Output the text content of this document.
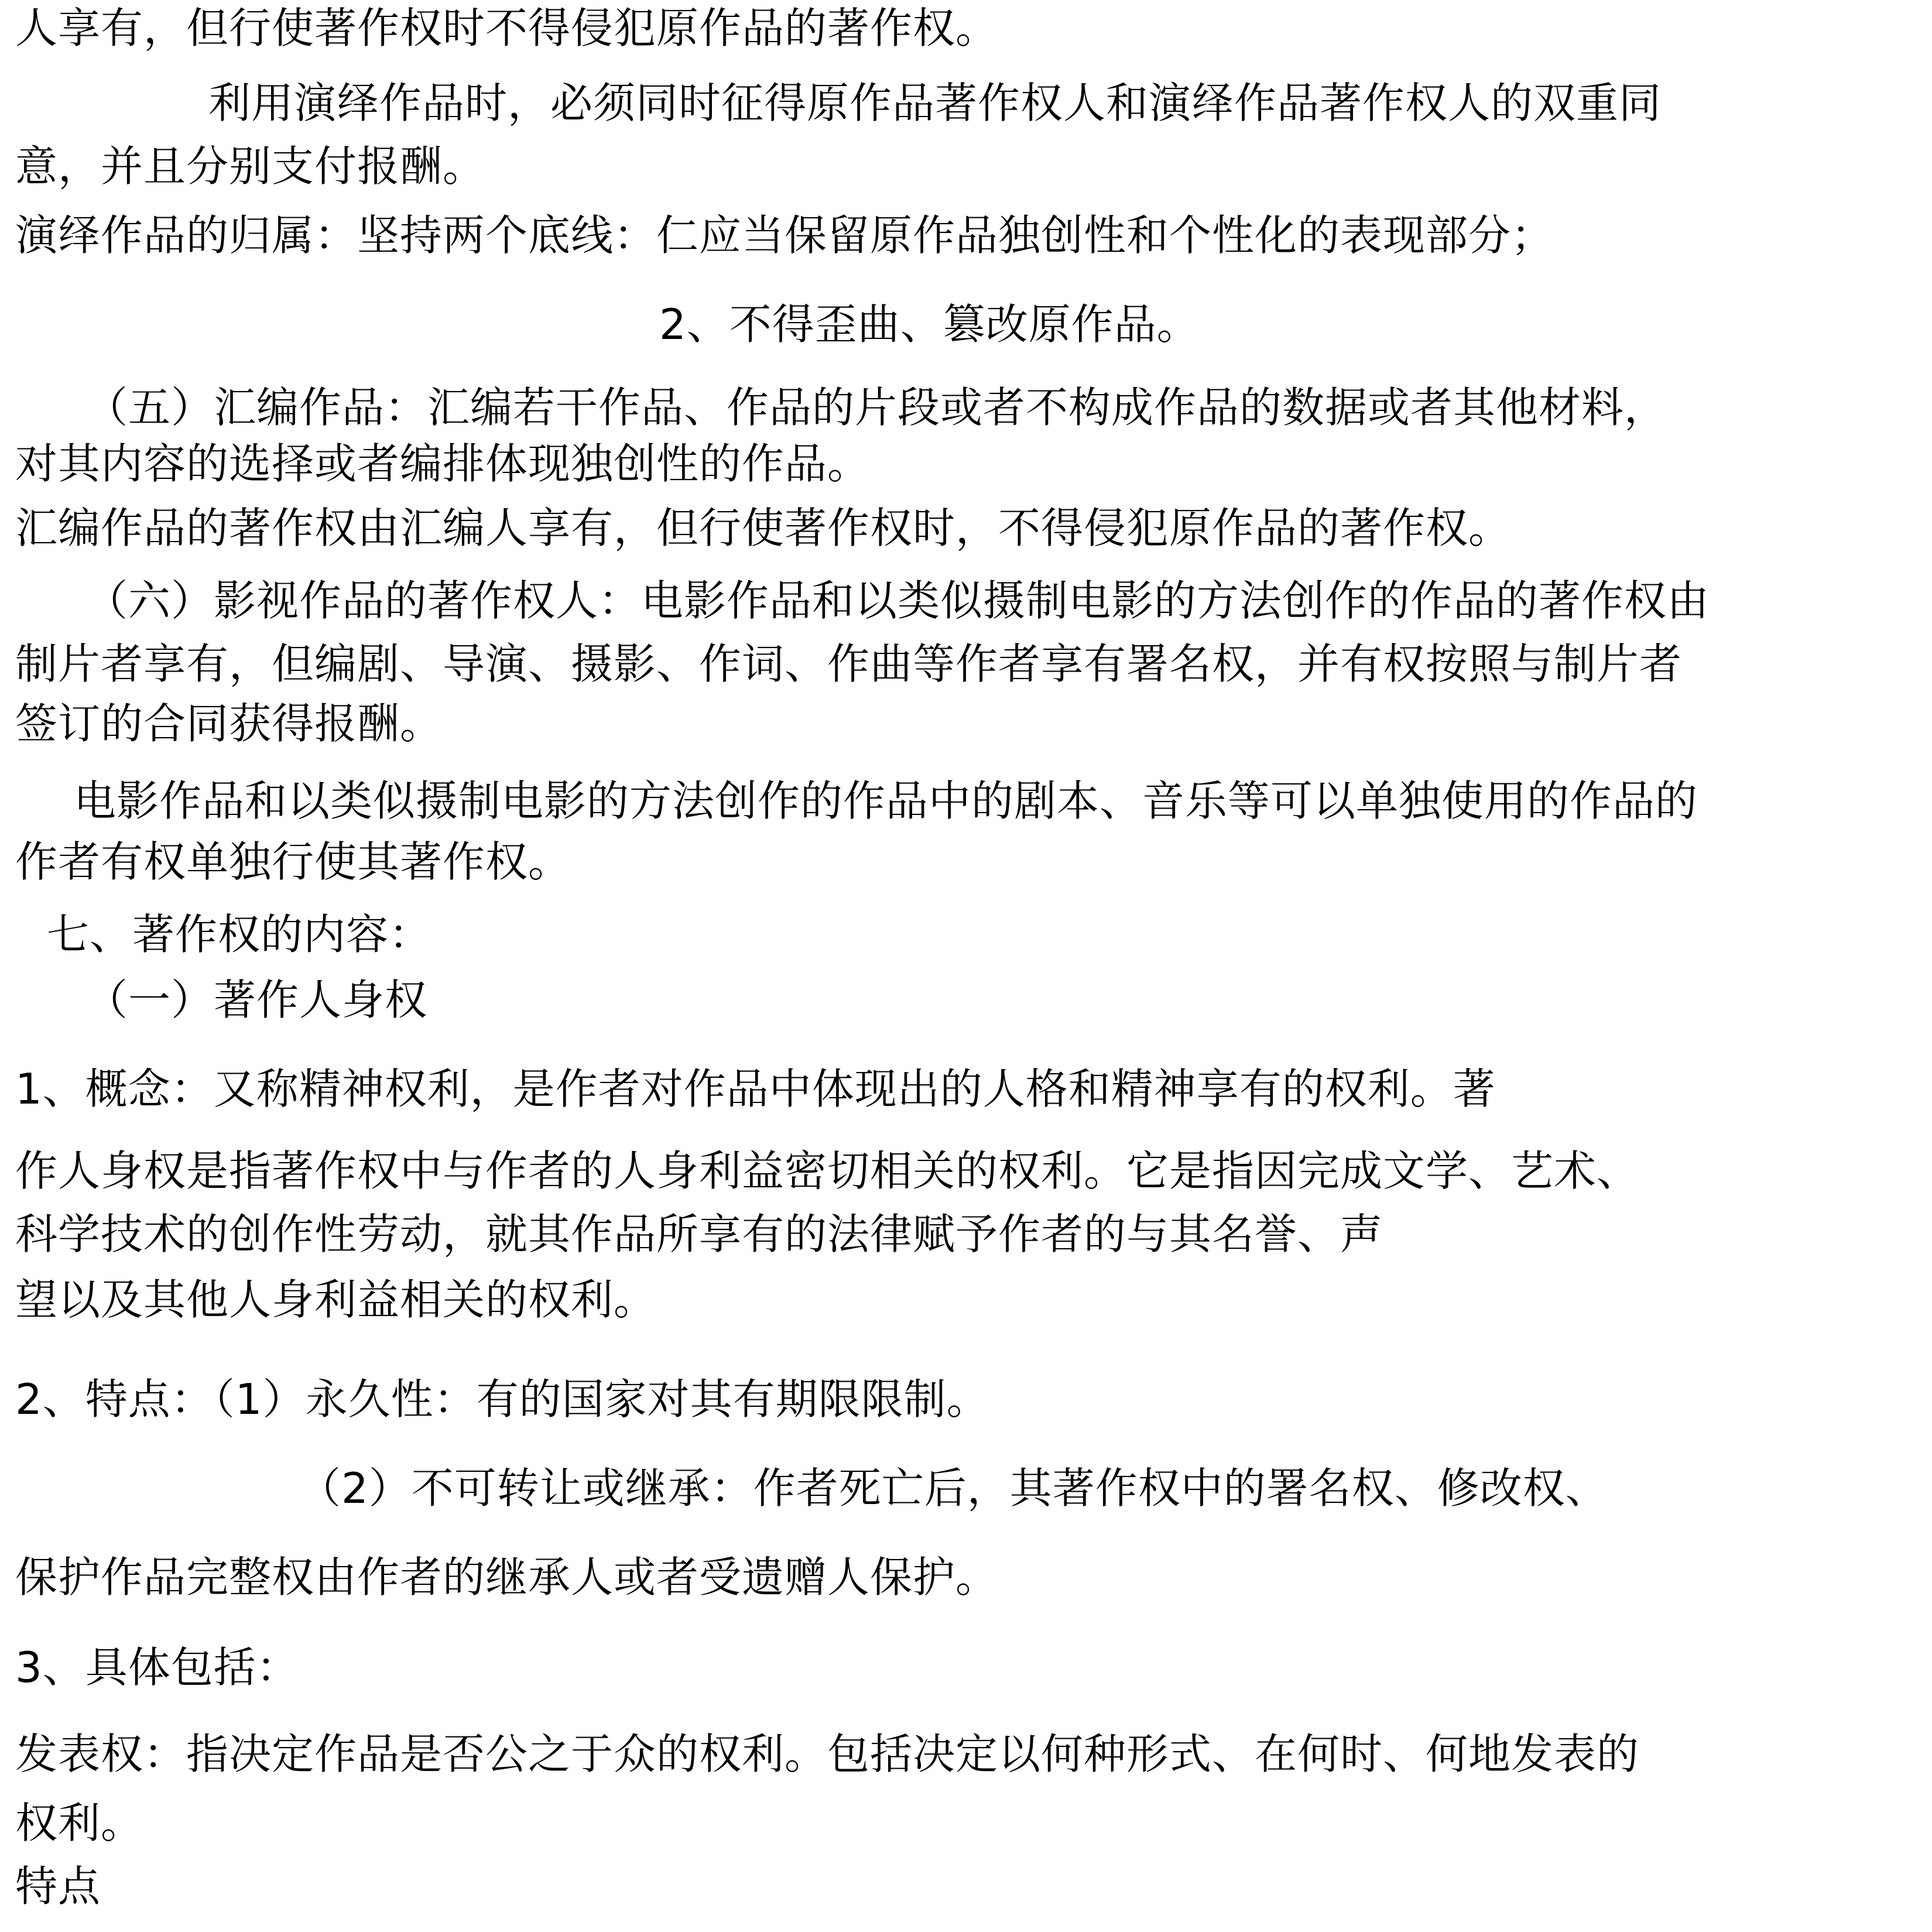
人享有，但行使著作权时不得侵犯原作品的著作权。
利用演绎作品时，必须同时征得原作品著作权人和演绎作品著作权人的双重同
意，并且分别支付报酬。
演绎作品的归属：坚持两个底线：仁应当保留原作品独创性和个性化的表现部分；
2、不得歪曲、篡改原作品。
（五）汇编作品：汇编若干作品、作品的片段或者不构成作品的数据或者其他材料，
对其内容的选择或者编排体现独创性的作品。
汇编作品的著作权由汇编人享有，但行使著作权时，不得侵犯原作品的著作权。
（六）影视作品的著作权人：电影作品和以类似摄制电影的方法创作的作品的著作权由
制片者享有，但编剧、导演、摄影、作词、作曲等作者享有署名权，并有权按照与制片者
签订的合同获得报酬。
电影作品和以类似摄制电影的方法创作的作品中的剧本、音乐等可以单独使用的作品的
作者有权单独行使其著作权。
七、著作权的内容：
（一）著作人身权
1、概念：又称精神权利，是作者对作品中体现出的人格和精神享有的权利。著
作人身权是指著作权中与作者的人身利益密切相关的权利。它是指因完成文学、艺术、
科学技术的创作性劳动，就其作品所享有的法律赋予作者的与其名誉、声
望以及其他人身利益相关的权利。
2、特点：（1）永久性：有的国家对其有期限限制。
（2）不可转让或继承：作者死亡后，其著作权中的署名权、修改权、
保护作品完整权由作者的继承人或者受遗赠人保护。
3、具体包括：
发表权：指决定作品是否公之于众的权利。包括决定以何种形式、在何时、何地发表的
权利。
特点
